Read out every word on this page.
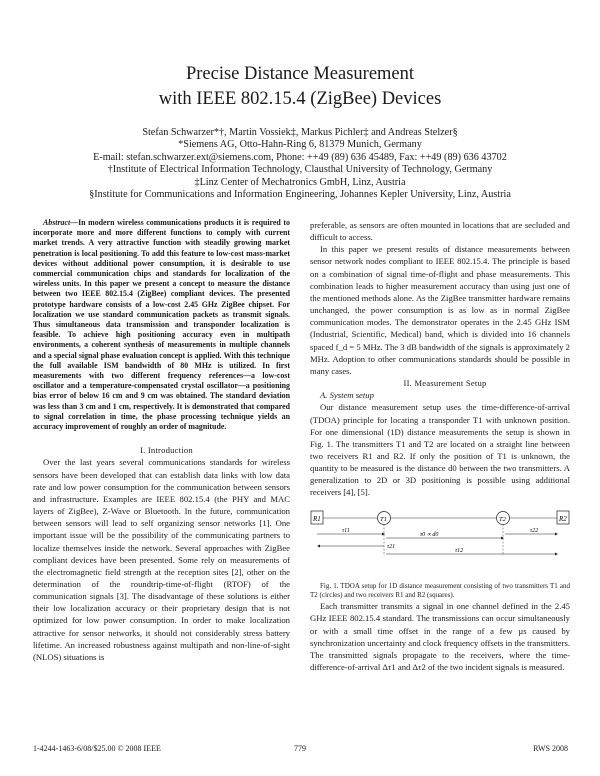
Precise Distance Measurement
with IEEE 802.15.4 (ZigBee) Devices
Stefan Schwarzer*†, Martin Vossiek‡, Markus Pichler‡ and Andreas Stelzer§
*Siemens AG, Otto-Hahn-Ring 6, 81379 Munich, Germany
E-mail: stefan.schwarzer.ext@siemens.com, Phone: ++49 (89) 636 45489, Fax: ++49 (89) 636 43702
†Institute of Electrical Information Technology, Clausthal University of Technology, Germany
‡Linz Center of Mechatronics GmbH, Linz, Austria
§Institute for Communications and Information Engineering, Johannes Kepler University, Linz, Austria

Abstract—In modern wireless communications products it is required to incorporate more and more different functions to comply with current market trends. A very attractive function with steadily growing market penetration is local positioning. To add this feature to low-cost mass-market devices without additional power consumption, it is desirable to use commercial communication chips and standards for localization of the wireless units. In this paper we present a concept to measure the distance between two IEEE 802.15.4 (ZigBee) compliant devices. The presented prototype hardware consists of a low-cost 2.45 GHz ZigBee chipset. For localization we use standard communication packets as transmit signals. Thus simultaneous data transmission and transponder localization is feasible. To achieve high positioning accuracy even in multipath environments, a coherent synthesis of measurements in multiple channels and a special signal phase evaluation concept is applied. With this technique the full available ISM bandwidth of 80 MHz is utilized. In first measurements with two different frequency references—a low-cost oscillator and a temperature-compensated crystal oscillator—a positioning bias error of below 16 cm and 9 cm was obtained. The standard deviation was less than 3 cm and 1 cm, respectively. It is demonstrated that compared to signal correlation in time, the phase processing technique yields an accuracy improvement of roughly an order of magnitude.

I. Introduction

Over the last years several communications standards for wireless sensors have been developed that can establish data links with low data rate and low power consumption for the communication between sensors and infrastructure. Examples are IEEE 802.15.4 (the PHY and MAC layers of ZigBee), Z-Wave or Bluetooth. In the future, communication between sensors will lead to self organizing sensor networks [1]. One important issue will be the possibility of the communicating partners to localize themselves inside the network. Several approaches with ZigBee compliant devices have been presented. Some rely on measurements of the electromagnetic field strength at the reception sites [2], other on the determination of the roundtrip-time-of-flight (RTOF) of the communication signals [3]. The disadvantage of these solutions is either their low localization accuracy or their proprietary design that is not optimized for low power consumption. In order to make localization attractive for sensor networks, it should not considerably stress battery lifetime. An increased robustness against multipath and non-line-of-sight (NLOS) situations is

preferable, as sensors are often mounted in locations that are secluded and difficult to access.

In this paper we present results of distance measurements between sensor network nodes compliant to IEEE 802.15.4. The principle is based on a combination of signal time-of-flight and phase measurements. This combination leads to higher measurement accuracy than using just one of the mentioned methods alone. As the ZigBee transmitter hardware remains unchanged, the power consumption is as low as in normal ZigBee communication modes. The demonstrator operates in the 2.45 GHz ISM (Industrial, Scientific, Medical) band, which is divided into 16 channels spaced f_d = 5 MHz. The 3 dB bandwidth of the signals is approximately 2 MHz. Adoption to other communications standards should be possible in many cases.

II. Measurement Setup

A. System setup

Our distance measurement setup uses the time-difference-of-arrival (TDOA) principle for locating a transponder T1 with unknown position. For one dimensional (1D) distance measurements the setup is shown in Fig. 1. The transmitters T1 and T2 are located on a straight line between two receivers R1 and R2. If only the position of T1 is unknown, the quantity to be measured is the distance d0 between the two transmitters. A generalization to 2D or 3D positioning is possible using additional receivers [4], [5].

R1	R2
T1	T2
τ11
τ0 ∝ d0
τ21
τ12
τ22

Fig. 1. TDOA setup for 1D distance measurement consisting of two transmitters T1 and T2 (circles) and two receivers R1 and R2 (squares).

Each transmitter transmits a signal in one channel defined in the 2.45 GHz IEEE 802.15.4 standard. The transmissions can occur simultaneously or with a small time offset in the range of a few µs caused by synchronization uncertainty and clock frequency offsets in the transmitters. The transmitted signals propagate to the receivers, where the time-difference-of-arrival Δτ1 and Δτ2 of the two incident signals is measured.

1-4244-1463-6/08/$25.00 © 2008 IEEE	779	RWS 2008
